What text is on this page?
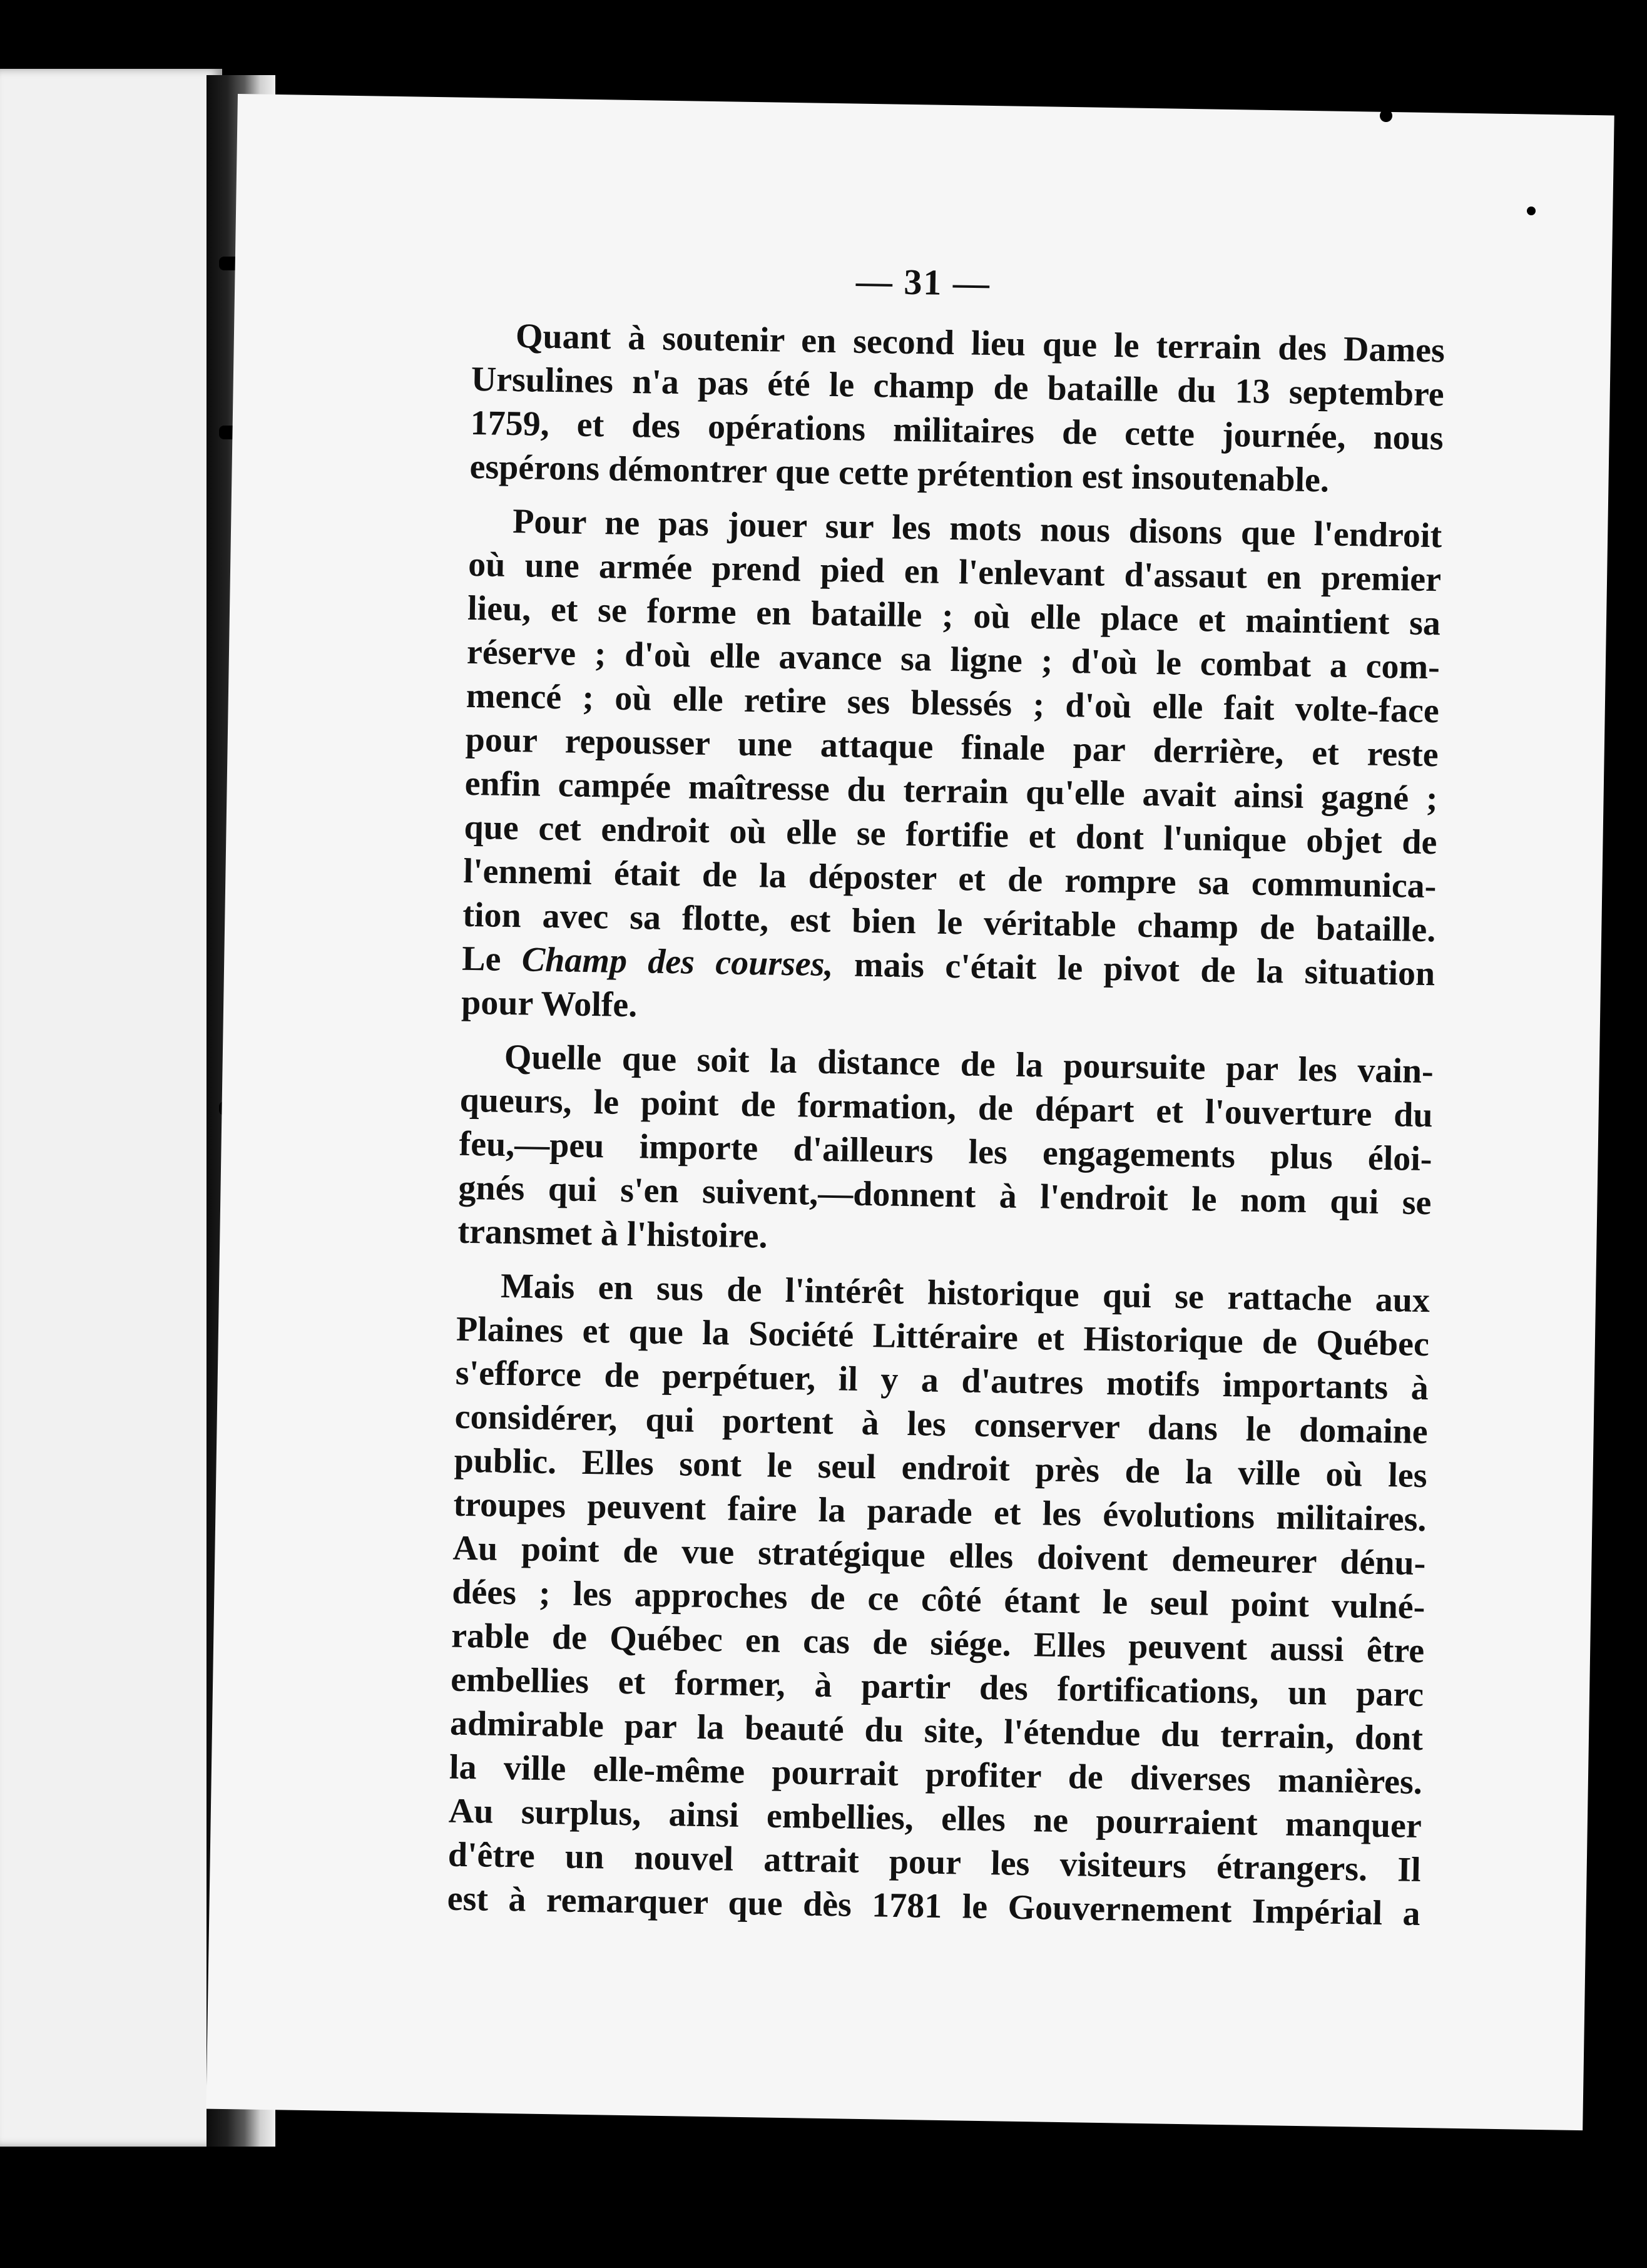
— 31 —
Quant à soutenir en second lieu que le terrain des Dames
Ursulines n'a pas été le champ de bataille du 13 septembre
1759, et des opérations militaires de cette journée, nous
espérons démontrer que cette prétention est insoutenable.
Pour ne pas jouer sur les mots nous disons que l'endroit
où une armée prend pied en l'enlevant d'assaut en premier
lieu, et se forme en bataille ; où elle place et maintient sa
réserve ; d'où elle avance sa ligne ; d'où le combat a com-
mencé ; où elle retire ses blessés ; d'où elle fait volte-face
pour repousser une attaque finale par derrière, et reste
enfin campée maîtresse du terrain qu'elle avait ainsi gagné ;
que cet endroit où elle se fortifie et dont l'unique objet de
l'ennemi était de la déposter et de rompre sa communica-
tion avec sa flotte, est bien le véritable champ de bataille.
Le Champ des courses, mais c'était le pivot de la situation
pour Wolfe.
Quelle que soit la distance de la poursuite par les vain-
queurs, le point de formation, de départ et l'ouverture du
feu,—peu importe d'ailleurs les engagements plus éloi-
gnés qui s'en suivent,—donnent à l'endroit le nom qui se
transmet à l'histoire.
Mais en sus de l'intérêt historique qui se rattache aux
Plaines et que la Société Littéraire et Historique de Québec
s'efforce de perpétuer, il y a d'autres motifs importants à
considérer, qui portent à les conserver dans le domaine
public. Elles sont le seul endroit près de la ville où les
troupes peuvent faire la parade et les évolutions militaires.
Au point de vue stratégique elles doivent demeurer dénu-
dées ; les approches de ce côté étant le seul point vulné-
rable de Québec en cas de siége. Elles peuvent aussi être
embellies et former, à partir des fortifications, un parc
admirable par la beauté du site, l'étendue du terrain, dont
la ville elle-même pourrait profiter de diverses manières.
Au surplus, ainsi embellies, elles ne pourraient manquer
d'être un nouvel attrait pour les visiteurs étrangers. Il
est à remarquer que dès 1781 le Gouvernement Impérial a
